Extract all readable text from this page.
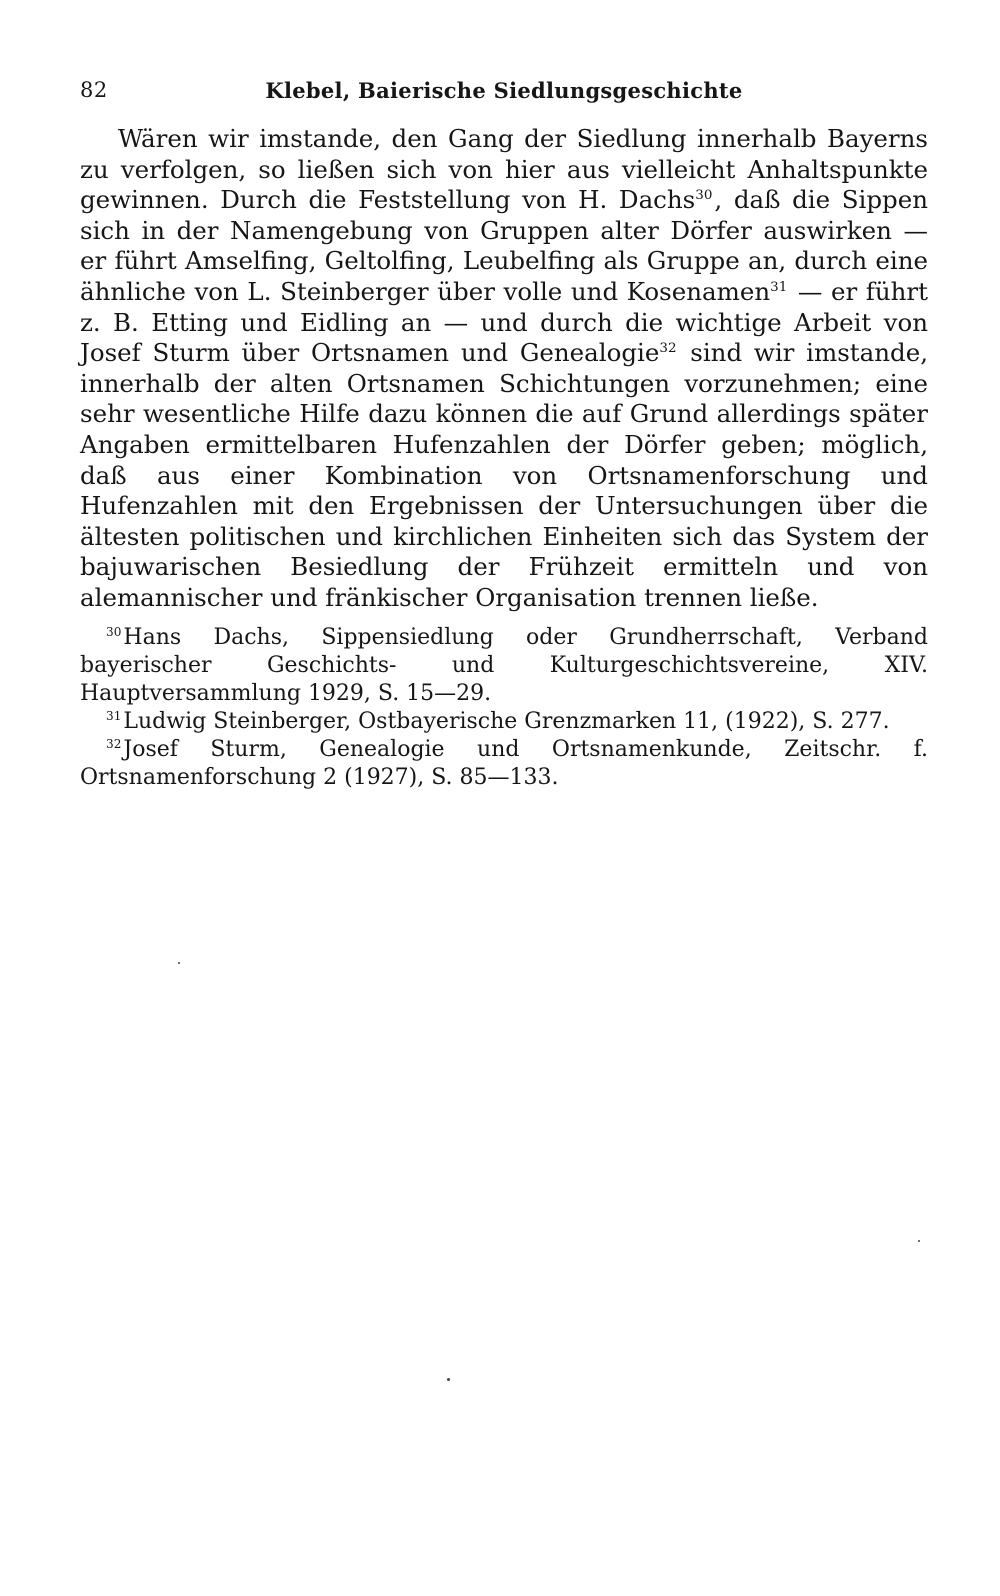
82	Klebel, Baierische Siedlungsgeschichte

Wären wir imstande, den Gang der Siedlung innerhalb Bayerns zu verfolgen, so ließen sich von hier aus vielleicht Anhaltspunkte gewinnen. Durch die Feststellung von H. Dachs$^{30}$, daß die Sippen sich in der Namengebung von Gruppen alter Dörfer auswirken — er führt Amselfing, Geltolfing, Leubelfing als Gruppe an, durch eine ähnliche von L. Steinberger über volle und Kosenamen$^{31}$ — er führt z. B. Etting und Eidling an — und durch die wichtige Arbeit von Josef Sturm über Ortsnamen und Genealogie$^{32}$ sind wir imstande, innerhalb der alten Ortsnamen Schichtungen vorzunehmen; eine sehr wesentliche Hilfe dazu können die auf Grund allerdings später Angaben ermittelbaren Hufenzahlen der Dörfer geben; möglich, daß aus einer Kombination von Ortsnamenforschung und Hufenzahlen mit den Ergebnissen der Untersuchungen über die ältesten politischen und kirchlichen Einheiten sich das System der bajuwarischen Besiedlung der Frühzeit ermitteln und von alemannischer und fränkischer Organisation trennen ließe.

$^{30}$Hans Dachs, Sippensiedlung oder Grundherrschaft, Verband bayerischer Geschichts- und Kulturgeschichtsvereine, XIV. Hauptversammlung 1929, S. 15—29.

$^{31}$Ludwig Steinberger, Ostbayerische Grenzmarken 11, (1922), S. 277.

$^{32}$Josef Sturm, Genealogie und Ortsnamenkunde, Zeitschr. f. Ortsnamenforschung 2 (1927), S. 85—133.
